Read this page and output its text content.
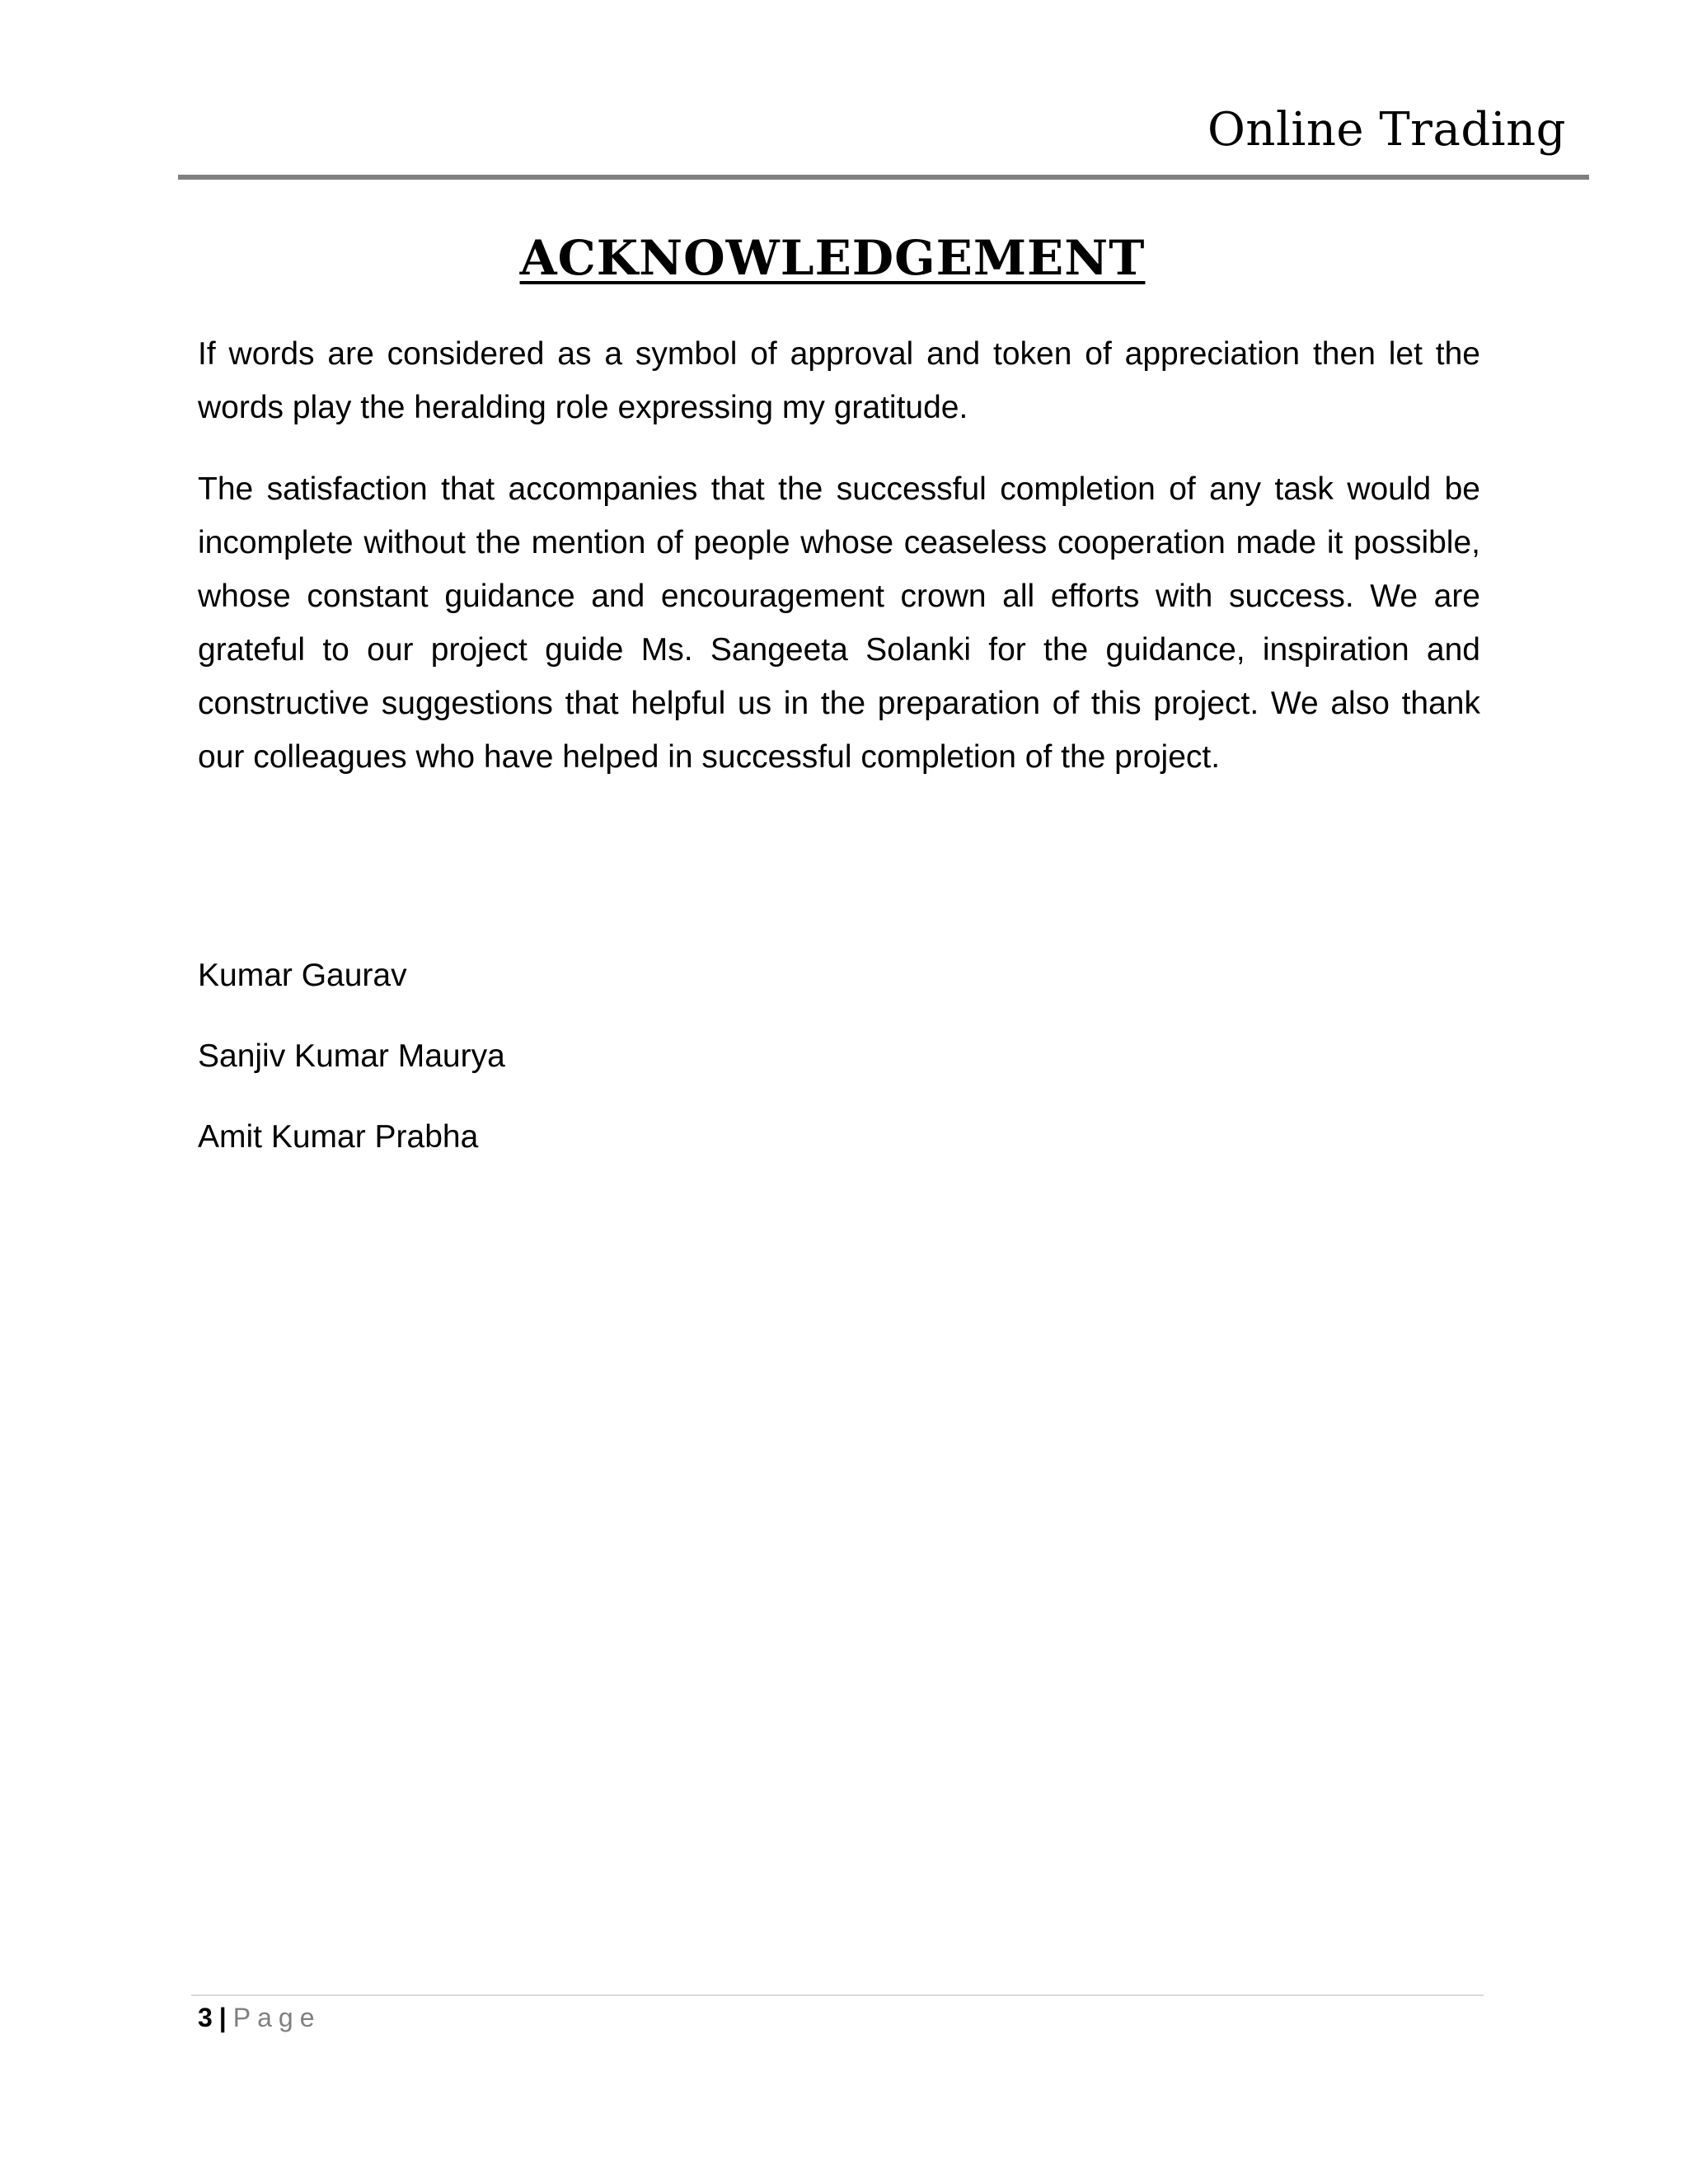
Online Trading
ACKNOWLEDGEMENT

If words are considered as a symbol of approval and token of appreciation then let the words play the heralding role expressing my gratitude.

The satisfaction that accompanies that the successful completion of any task would be incomplete without the mention of people whose ceaseless cooperation made it possible, whose constant guidance and encouragement crown all efforts with success. We are grateful to our project guide Ms. Sangeeta Solanki for the guidance, inspiration and constructive suggestions that helpful us in the preparation of this project. We also thank our colleagues who have helped in successful completion of the project.

Kumar Gaurav

Sanjiv Kumar Maurya

Amit Kumar Prabha

3 | Page
